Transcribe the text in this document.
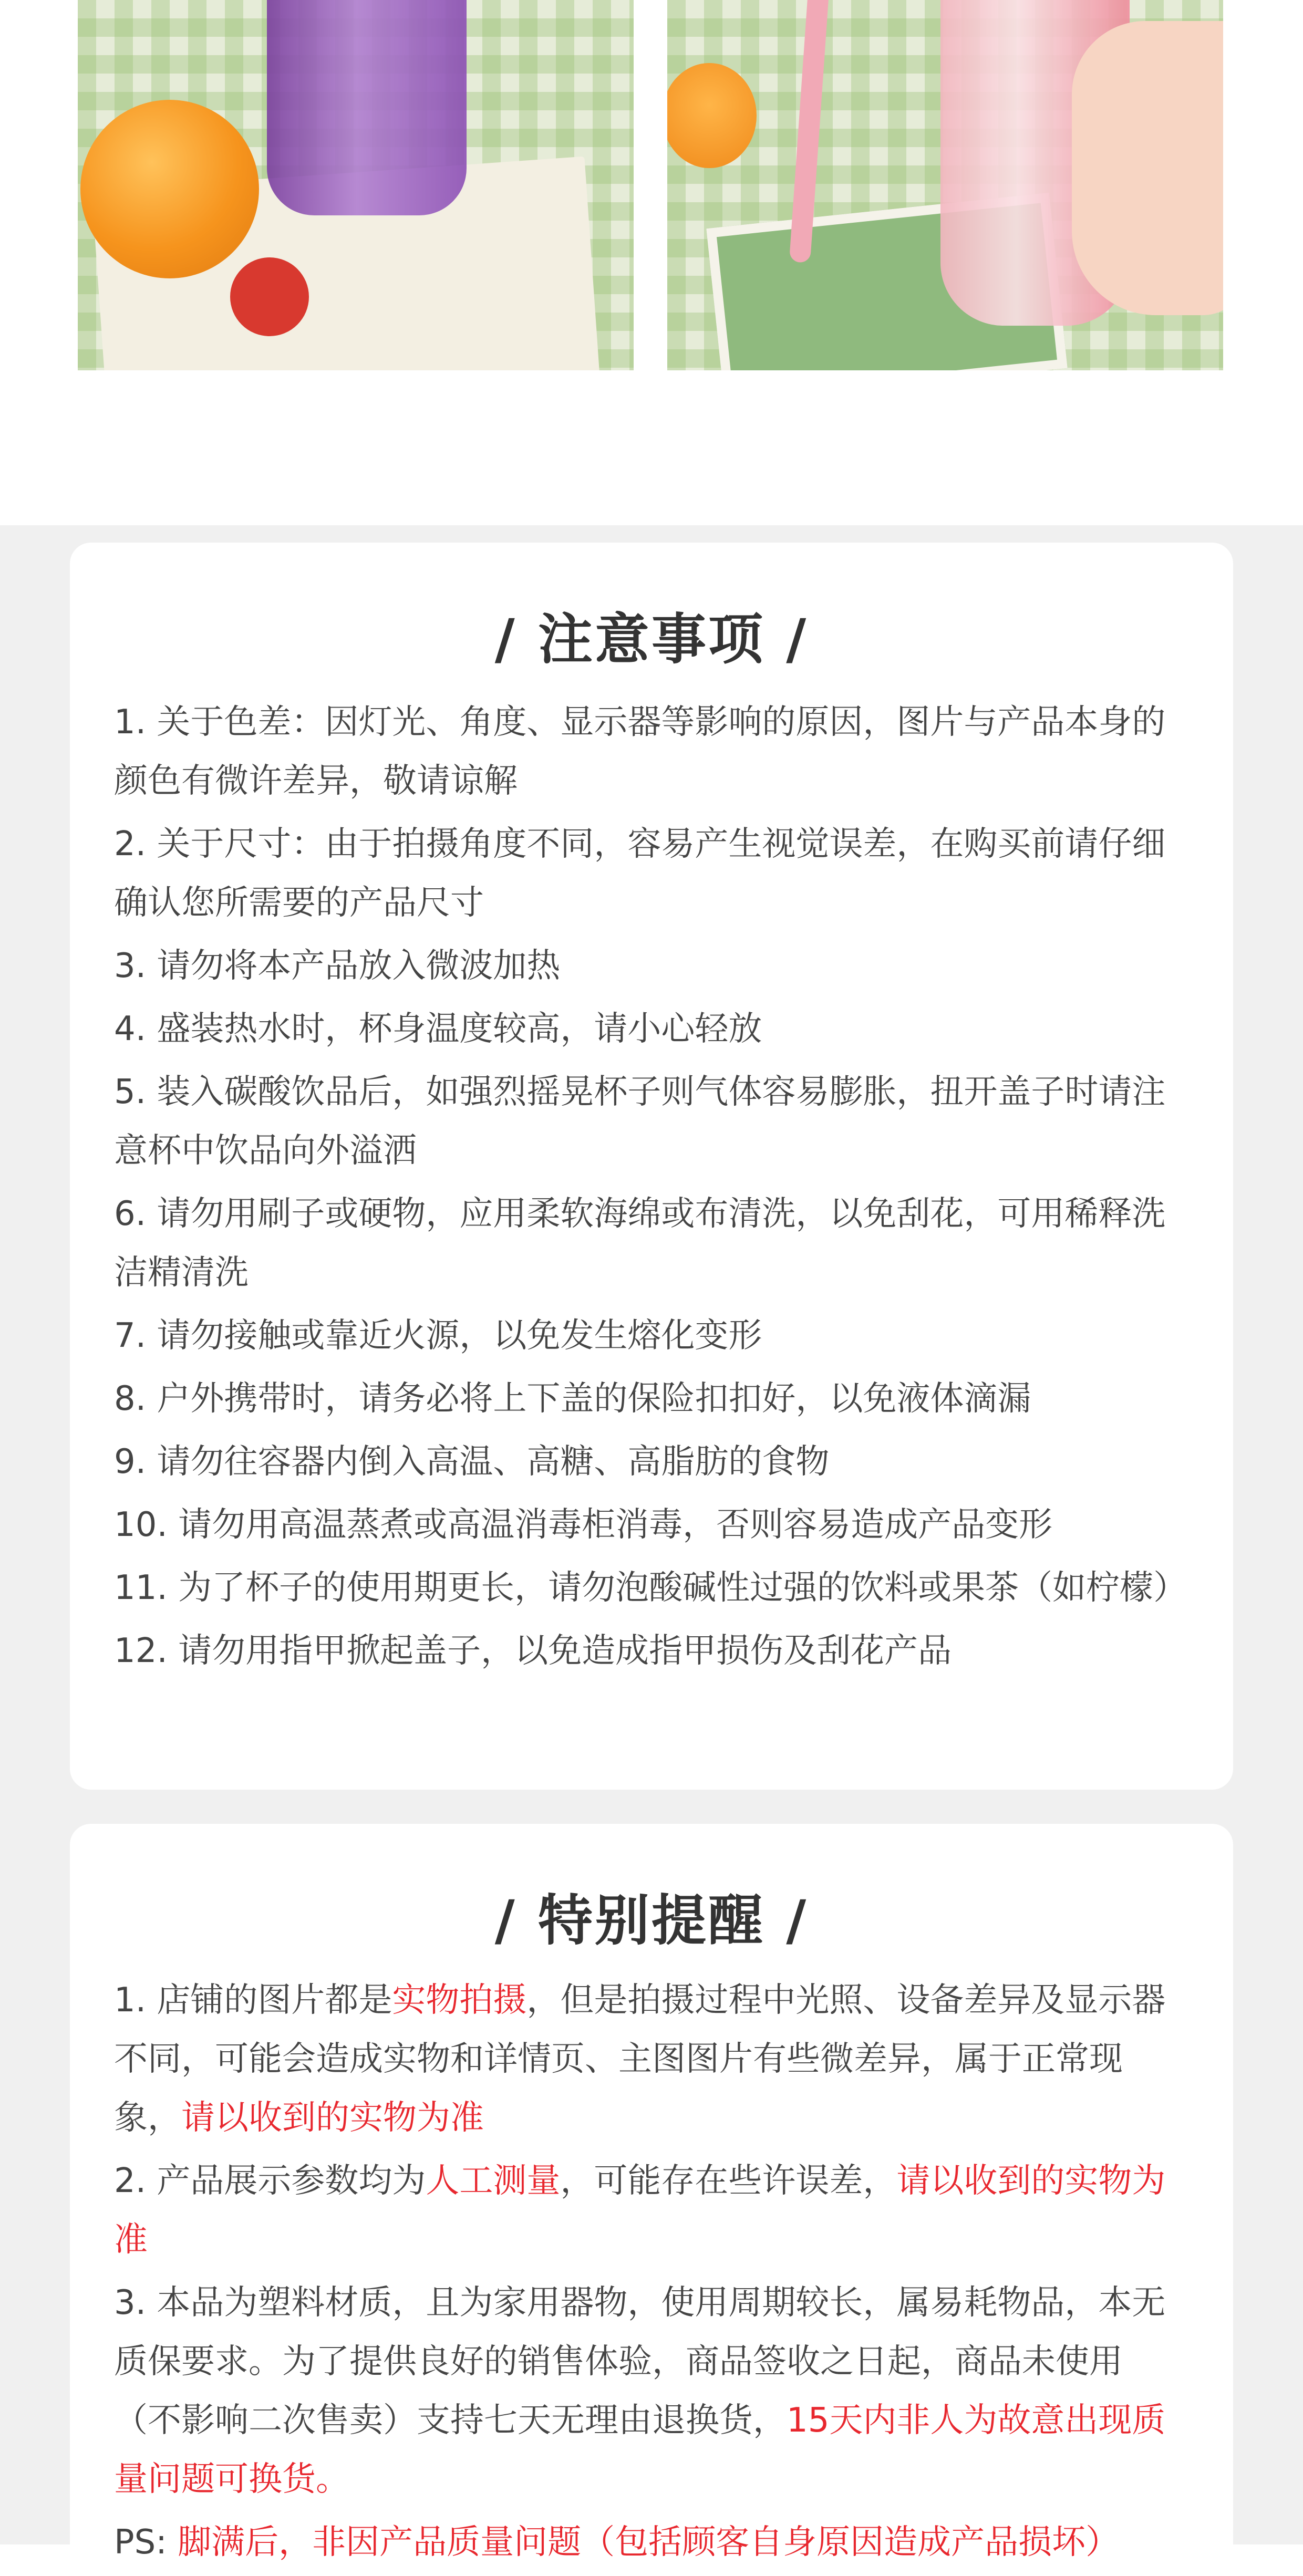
/ 注意事项 /
1. 关于色差：因灯光、角度、显示器等影响的原因，图片与产品本身的颜色有微许差异，敬请谅解
2. 关于尺寸：由于拍摄角度不同，容易产生视觉误差，在购买前请仔细确认您所需要的产品尺寸
3. 请勿将本产品放入微波加热
4. 盛装热水时，杯身温度较高，请小心轻放
5. 装入碳酸饮品后，如强烈摇晃杯子则气体容易膨胀，扭开盖子时请注意杯中饮品向外溢洒
6. 请勿用刷子或硬物，应用柔软海绵或布清洗，以免刮花，可用稀释洗洁精清洗
7. 请勿接触或靠近火源，以免发生熔化变形
8. 户外携带时，请务必将上下盖的保险扣扣好，以免液体滴漏
9. 请勿往容器内倒入高温、高糖、高脂肪的食物
10. 请勿用高温蒸煮或高温消毒柜消毒，否则容易造成产品变形
11. 为了杯子的使用期更长，请勿泡酸碱性过强的饮料或果茶（如柠檬）
12. 请勿用指甲掀起盖子，以免造成指甲损伤及刮花产品
/ 特别提醒 /
1. 店铺的图片都是实物拍摄，但是拍摄过程中光照、设备差异及显示器不同，可能会造成实物和详情页、主图图片有些微差异，属于正常现象，请以收到的实物为准
2. 产品展示参数均为人工测量，可能存在些许误差，请以收到的实物为准
3. 本品为塑料材质，且为家用器物，使用周期较长，属易耗物品，本无质保要求。为了提供良好的销售体验，商品签收之日起，商品未使用（不影响二次售卖）支持七天无理由退换货，15天内非人为故意出现质量问题可换货。
PS: 脚满后，非因产品质量问题（包括顾客自身原因造成产品损坏）
